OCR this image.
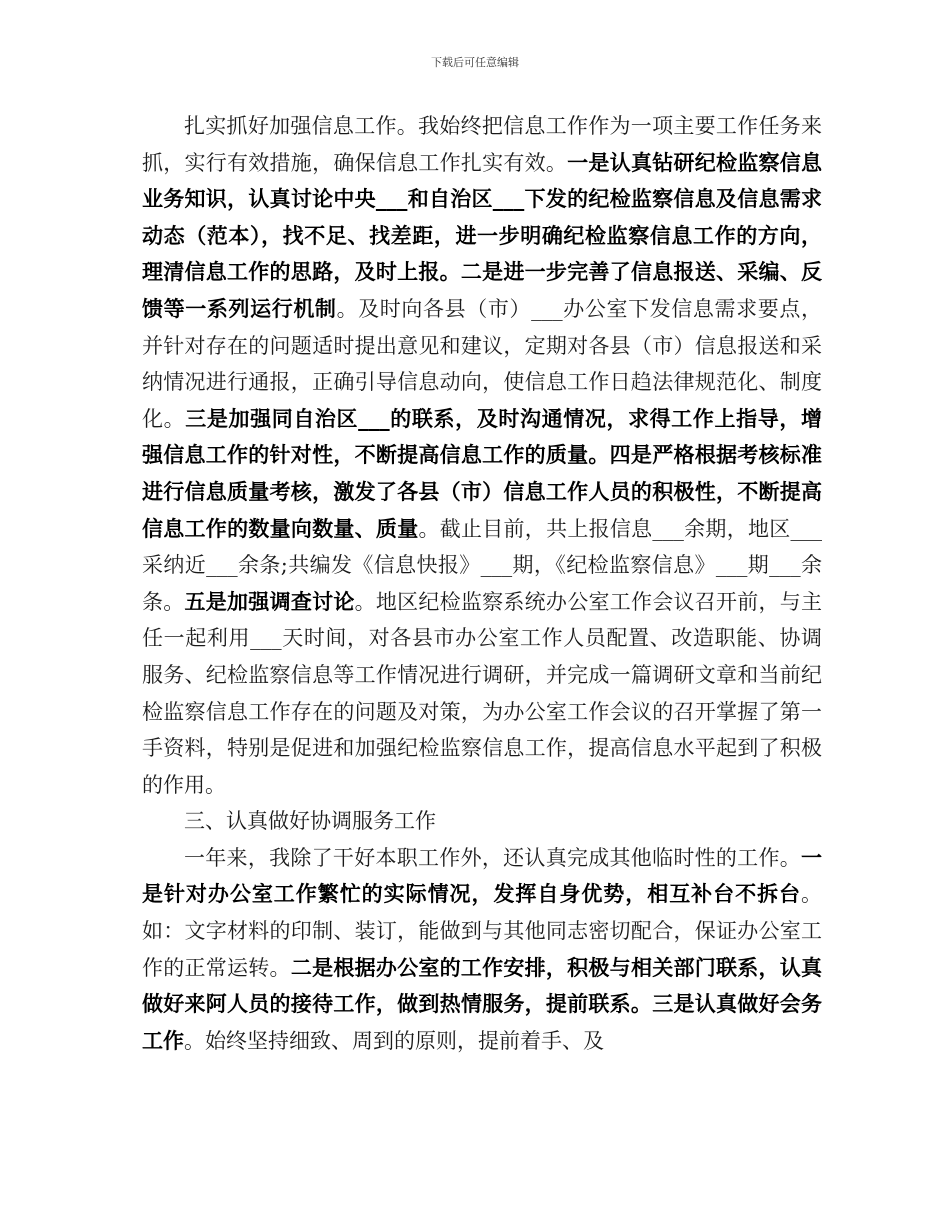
下载后可任意编辑

扎实抓好加强信息工作。我始终把信息工作作为一项主要工作任务来抓，实行有效措施，确保信息工作扎实有效。一是认真钻研纪检监察信息业务知识，认真讨论中央___和自治区___下发的纪检监察信息及信息需求动态（范本），找不足、找差距，进一步明确纪检监察信息工作的方向，理清信息工作的思路，及时上报。二是进一步完善了信息报送、采编、反馈等一系列运行机制。及时向各县（市）___办公室下发信息需求要点，并针对存在的问题适时提出意见和建议，定期对各县（市）信息报送和采纳情况进行通报，正确引导信息动向，使信息工作日趋法律规范化、制度化。三是加强同自治区___的联系，及时沟通情况，求得工作上指导，增强信息工作的针对性，不断提高信息工作的质量。四是严格根据考核标准进行信息质量考核，激发了各县（市）信息工作人员的积极性，不断提高信息工作的数量向数量、质量。截止目前，共上报信息___余期，地区___采纳近___余条;共编发《信息快报》___期，《纪检监察信息》___期___余条。五是加强调查讨论。地区纪检监察系统办公室工作会议召开前，与主任一起利用___天时间，对各县市办公室工作人员配置、改造职能、协调服务、纪检监察信息等工作情况进行调研，并完成一篇调研文章和当前纪检监察信息工作存在的问题及对策，为办公室工作会议的召开掌握了第一手资料，特别是促进和加强纪检监察信息工作，提高信息水平起到了积极的作用。

三、认真做好协调服务工作

一年来，我除了干好本职工作外，还认真完成其他临时性的工作。一是针对办公室工作繁忙的实际情况，发挥自身优势，相互补台不拆台。如：文字材料的印制、装订，能做到与其他同志密切配合，保证办公室工作的正常运转。二是根据办公室的工作安排，积极与相关部门联系，认真做好来阿人员的接待工作，做到热情服务，提前联系。三是认真做好会务工作。始终坚持细致、周到的原则，提前着手、及
